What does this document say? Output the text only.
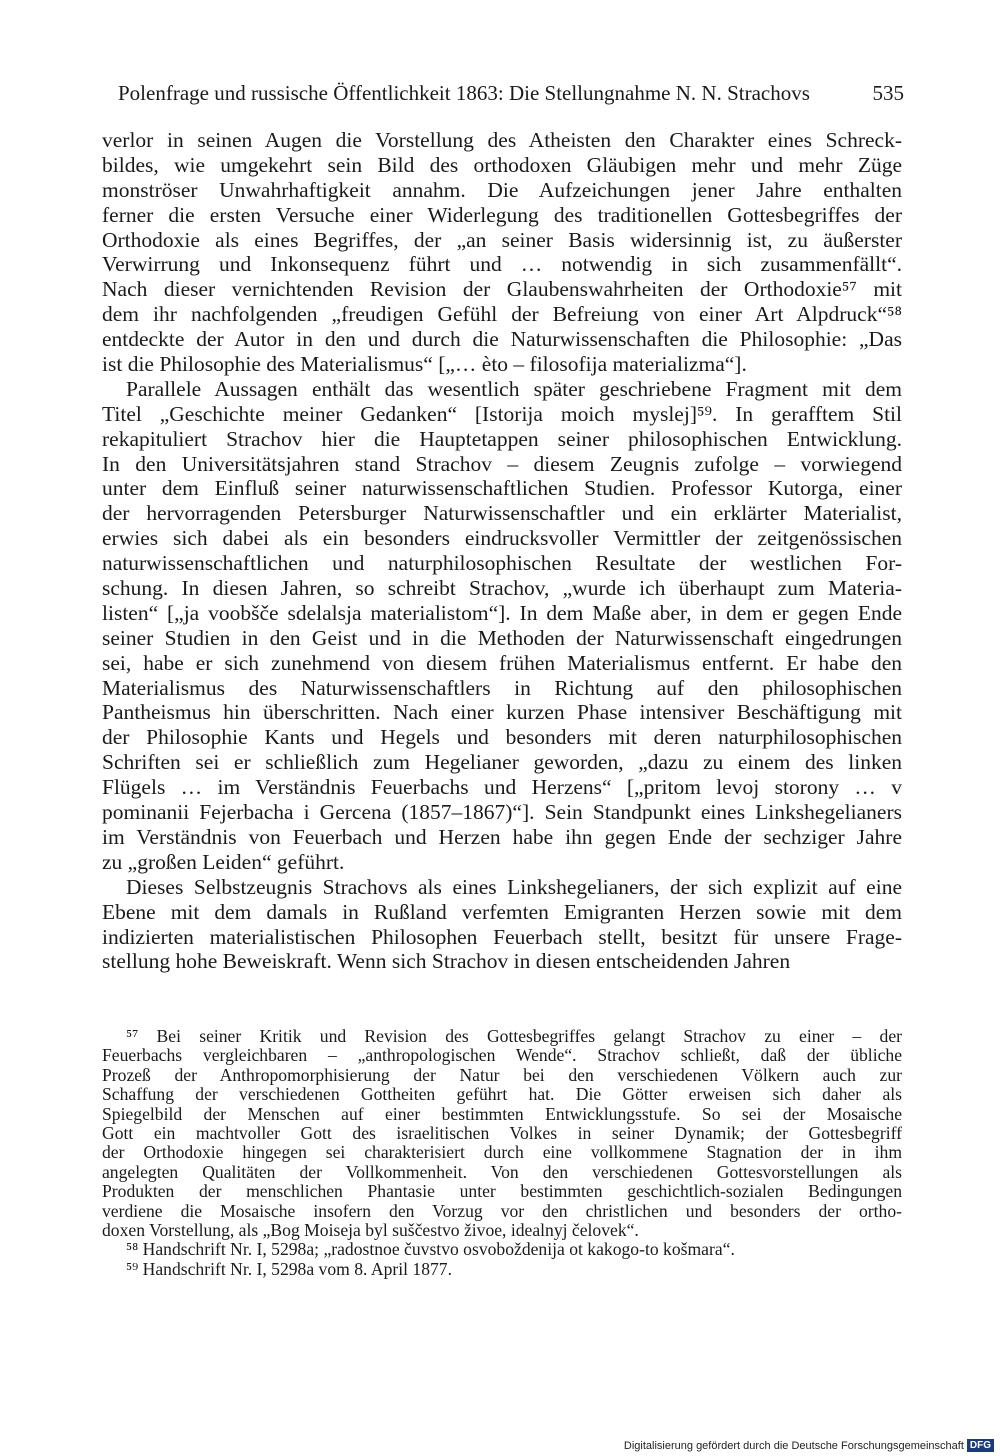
Polenfrage und russische Öffentlichkeit 1863: Die Stellungnahme N. N. Strachovs	535
verlor in seinen Augen die Vorstellung des Atheisten den Charakter eines Schreck-
bildes, wie umgekehrt sein Bild des orthodoxen Gläubigen mehr und mehr Züge
monströser Unwahrhaftigkeit annahm. Die Aufzeichungen jener Jahre enthalten
ferner die ersten Versuche einer Widerlegung des traditionellen Gottesbegriffes der
Orthodoxie als eines Begriffes, der „an seiner Basis widersinnig ist, zu äußerster
Verwirrung und Inkonsequenz führt und … notwendig in sich zusammenfällt“.
Nach dieser vernichtenden Revision der Glaubenswahrheiten der Orthodoxie⁵⁷ mit
dem ihr nachfolgenden „freudigen Gefühl der Befreiung von einer Art Alpdruck“⁵⁸
entdeckte der Autor in den und durch die Naturwissenschaften die Philosophie: „Das
ist die Philosophie des Materialismus“ [„… èto – filosofija materializma“].
Parallele Aussagen enthält das wesentlich später geschriebene Fragment mit dem
Titel „Geschichte meiner Gedanken“ [Istorija moich myslej]⁵⁹. In gerafftem Stil
rekapituliert Strachov hier die Hauptetappen seiner philosophischen Entwicklung.
In den Universitätsjahren stand Strachov – diesem Zeugnis zufolge – vorwiegend
unter dem Einfluß seiner naturwissenschaftlichen Studien. Professor Kutorga, einer
der hervorragenden Petersburger Naturwissenschaftler und ein erklärter Materialist,
erwies sich dabei als ein besonders eindrucksvoller Vermittler der zeitgenössischen
naturwissenschaftlichen und naturphilosophischen Resultate der westlichen For-
schung. In diesen Jahren, so schreibt Strachov, „wurde ich überhaupt zum Materia-
listen“ [„ja voobšče sdelalsja materialistom“]. In dem Maße aber, in dem er gegen Ende
seiner Studien in den Geist und in die Methoden der Naturwissenschaft eingedrungen
sei, habe er sich zunehmend von diesem frühen Materialismus entfernt. Er habe den
Materialismus des Naturwissenschaftlers in Richtung auf den philosophischen
Pantheismus hin überschritten. Nach einer kurzen Phase intensiver Beschäftigung mit
der Philosophie Kants und Hegels und besonders mit deren naturphilosophischen
Schriften sei er schließlich zum Hegelianer geworden, „dazu zu einem des linken
Flügels … im Verständnis Feuerbachs und Herzens“ [„pritom levoj storony … v
pominanii Fejerbacha i Gercena (1857–1867)“]. Sein Standpunkt eines Linkshegelianers
im Verständnis von Feuerbach und Herzen habe ihn gegen Ende der sechziger Jahre
zu „großen Leiden“ geführt.
Dieses Selbstzeugnis Strachovs als eines Linkshegelianers, der sich explizit auf eine
Ebene mit dem damals in Rußland verfemten Emigranten Herzen sowie mit dem
indizierten materialistischen Philosophen Feuerbach stellt, besitzt für unsere Frage-
stellung hohe Beweiskraft. Wenn sich Strachov in diesen entscheidenden Jahren
⁵⁷ Bei seiner Kritik und Revision des Gottesbegriffes gelangt Strachov zu einer – der
Feuerbachs vergleichbaren – „anthropologischen Wende“. Strachov schließt, daß der übliche
Prozeß der Anthropomorphisierung der Natur bei den verschiedenen Völkern auch zur
Schaffung der verschiedenen Gottheiten geführt hat. Die Götter erweisen sich daher als
Spiegelbild der Menschen auf einer bestimmten Entwicklungsstufe. So sei der Mosaische
Gott ein machtvoller Gott des israelitischen Volkes in seiner Dynamik; der Gottesbegriff
der Orthodoxie hingegen sei charakterisiert durch eine vollkommene Stagnation der in ihm
angelegten Qualitäten der Vollkommenheit. Von den verschiedenen Gottesvorstellungen als
Produkten der menschlichen Phantasie unter bestimmten geschichtlich-sozialen Bedingungen
verdiene die Mosaische insofern den Vorzug vor den christlichen und besonders der ortho-
doxen Vorstellung, als „Bog Moiseja byl suščestvo živoe, idealnyj čelovek“.
⁵⁸ Handschrift Nr. I, 5298a; „radostnoe čuvstvo osvoboždenija ot kakogo-to košmara“.
⁵⁹ Handschrift Nr. I, 5298a vom 8. April 1877.
Digitalisierung gefördert durch die Deutsche Forschungsgemeinschaft DFG
